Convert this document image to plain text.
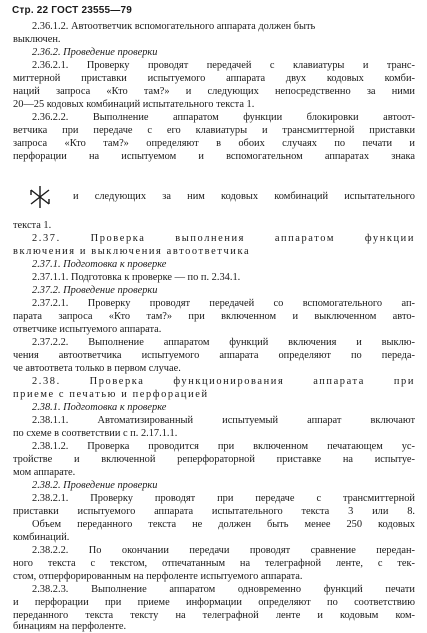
Стр. 22 ГОСТ 23555—79
2.36.1.2. Автоответчик вспомогательного аппарата должен быть
выключен.
2.36.2. Проведение проверки
2.36.2.1. Проверку проводят передачей с клавиатуры и транс-
миттерной приставки испытуемого аппарата двух кодовых комби-
наций запроса «Кто там?» и следующих непосредственно за ними
20—25 кодовых комбинаций испытательного текста 1.
2.36.2.2. Выполнение аппаратом функции блокировки автоот-
ветчика при передаче с его клавиатуры и трансмиттерной приставки
запроса «Кто там?» определяют в обоих случаях по печати и
перфорации на испытуемом и вспомогательном аппаратах знака
и следующих за ним кодовых комбинаций испытательного
текста 1.
2.37. Проверка выполнения аппаратом функции
включения и выключения автоответчика
2.37.1. Подготовка к проверке
2.37.1.1. Подготовка к проверке — по п. 2.34.1.
2.37.2. Проведение проверки
2.37.2.1. Проверку проводят передачей со вспомогательного ап-
парата запроса «Кто там?» при включенном и выключенном авто-
ответчике испытуемого аппарата.
2.37.2.2. Выполнение аппаратом функций включения и выклю-
чения автоответчика испытуемого аппарата определяют по переда-
че автоответа только в первом случае.
2.38. Проверка функционирования аппарата при
приеме с печатью и перфорацией
2.38.1. Подготовка к проверке
2.38.1.1. Автоматизированный испытуемый аппарат включают
по схеме в соответствии с п. 2.17.1.1.
2.38.1.2. Проверка проводится при включенном печатающем ус-
тройстве и включенной реперфораторной приставке на испытуе-
мом аппарате.
2.38.2. Проведение проверки
2.38.2.1. Проверку проводят при передаче с трансмиттерной
приставки испытуемого аппарата испытательного текста 3 или 8.
Объем переданного текста не должен быть менее 250 кодовых
комбинаций.
2.38.2.2. По окончании передачи проводят сравнение передан-
ного текста с текстом, отпечатанным на телеграфной ленте, с тек-
стом, отперфорированным на перфоленте испытуемого аппарата.
2.38.2.3. Выполнение аппаратом одновременно функций печати
и перфорации при приеме информации определяют по соответствию
переданного текста тексту на телеграфной ленте и кодовым ком-
бинациям на перфоленте.
